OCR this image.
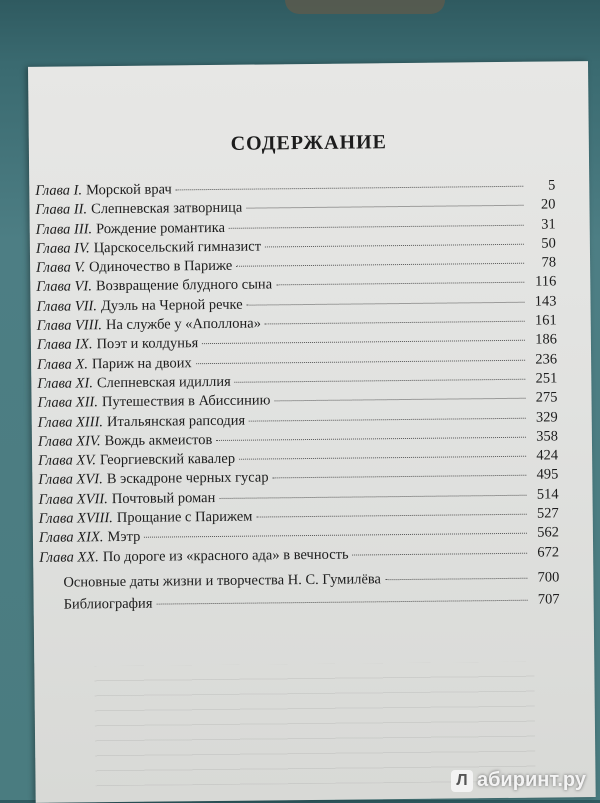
СОДЕРЖАНИЕ
Глава I. Морской врач	5
Глава II. Слепневская затворница	20
Глава III. Рождение романтика	31
Глава IV. Царскосельский гимназист	50
Глава V. Одиночество в Париже	78
Глава VI. Возвращение блудного сына	116
Глава VII. Дуэль на Черной речке	143
Глава VIII. На службе у «Аполлона»	161
Глава IX. Поэт и колдунья	186
Глава X. Париж на двоих	236
Глава XI. Слепневская идиллия	251
Глава XII. Путешествия в Абиссинию	275
Глава XIII. Итальянская рапсодия	329
Глава XIV. Вождь акмеистов	358
Глава XV. Георгиевский кавалер	424
Глава XVI. В эскадроне черных гусар	495
Глава XVII. Почтовый роман	514
Глава XVIII. Прощание с Парижем	527
Глава XIX. Мэтр	562
Глава XX. По дороге из «красного ада» в вечность	672
Основные даты жизни и творчества Н. С. Гумилёва	700
Библиография	707
Л абиринт.ру
